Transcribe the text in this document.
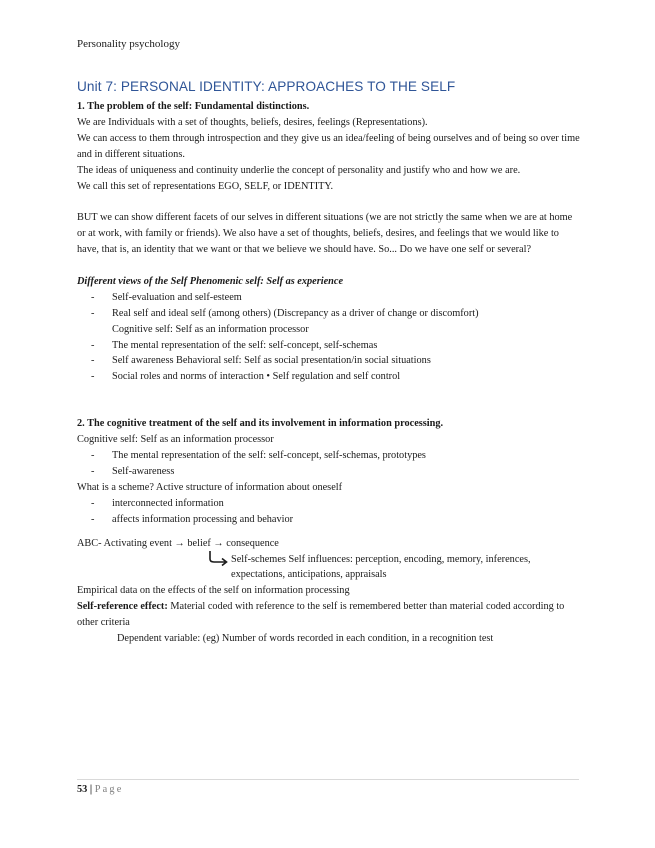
Personality psychology
Unit 7: PERSONAL IDENTITY: APPROACHES TO THE SELF

1. The problem of the self: Fundamental distinctions.

We are Individuals with a set of thoughts, beliefs, desires, feelings (Representations).

We can access to them through introspection and they give us an idea/feeling of being ourselves and of being so over time and in different situations.

The ideas of uniqueness and continuity underlie the concept of personality and justify who and how we are.

We call this set of representations EGO, SELF, or IDENTITY.

BUT we can show different facets of our selves in different situations (we are not strictly the same when we are at home or at work, with family or friends). We also have a set of thoughts, beliefs, desires, and feelings that we would like to have, that is, an identity that we want or that we believe we should have. So... Do we have one self or several?

Different views of the Self Phenomenic self: Self as experience

- Self-evaluation and self-esteem
- Real self and ideal self (among others) (Discrepancy as a driver of change or discomfort)

Cognitive self: Self as an information processor

- The mental representation of the self: self-concept, self-schemas
- Self awareness Behavioral self: Self as social presentation/in social situations
- Social roles and norms of interaction • Self regulation and self control

2. The cognitive treatment of the self and its involvement in information processing.

Cognitive self: Self as an information processor

- The mental representation of the self: self-concept, self-schemas, prototypes
- Self-awareness

What is a scheme? Active structure of information about oneself

- interconnected information
- affects information processing and behavior

ABC- Activating event → belief → consequence

Self-schemes Self influences: perception, encoding, memory, inferences, expectations, anticipations, appraisals

Empirical data on the effects of the self on information processing

Self-reference effect: Material coded with reference to the self is remembered better than material coded according to other criteria

Dependent variable: (eg) Number of words recorded in each condition, in a recognition test

53 | Page
